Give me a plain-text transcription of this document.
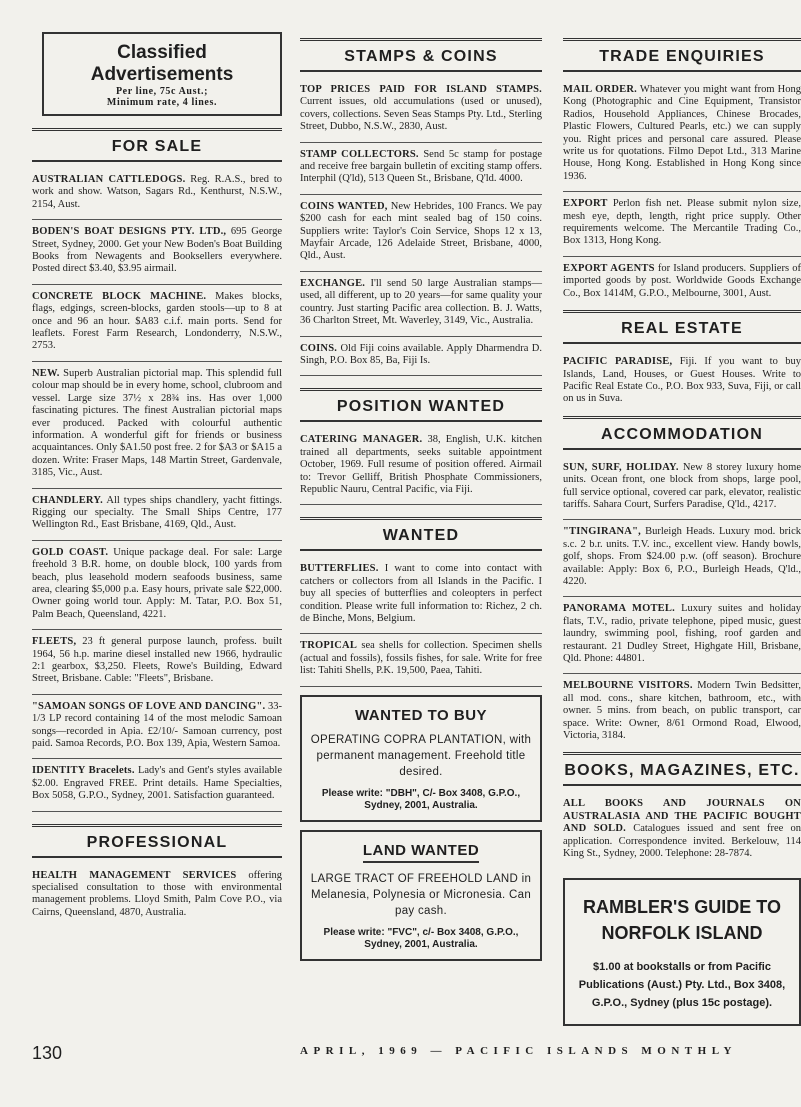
Classified Advertisements
Per line, 75c Aust.;
Minimum rate, 4 lines.
FOR SALE
AUSTRALIAN CATTLEDOGS. Reg. R.A.S., bred to work and show. Watson, Sagars Rd., Kenthurst, N.S.W., 2154, Aust.
BODEN'S BOAT DESIGNS PTY. LTD., 695 George Street, Sydney, 2000. Get your New Boden's Boat Building Books from Newagents and Booksellers everywhere. Posted direct $3.40, $3.95 airmail.
CONCRETE BLOCK MACHINE. Makes blocks, flags, edgings, screen-blocks, garden stools—up to 8 at once and 96 an hour. $A83 c.i.f. main ports. Send for leaflets. Forest Farm Research, Londonderry, N.S.W., 2753.
NEW. Superb Australian pictorial map. This splendid full colour map should be in every home, school, clubroom and vessel. Large size 37½ x 28¾ ins. Has over 1,000 fascinating pictures. The finest Australian pictorial maps ever produced. Packed with colourful authentic information. A wonderful gift for friends or business acquaintances. Only $A1.50 post free. 2 for $A3 or $A15 a dozen. Write: Fraser Maps, 148 Martin Street, Gardenvale, 3185, Vic., Aust.
CHANDLERY. All types ships chandlery, yacht fittings. Rigging our specialty. The Small Ships Centre, 177 Wellington Rd., East Brisbane, 4169, Qld., Aust.
GOLD COAST. Unique package deal. For sale: Large freehold 3 B.R. home, on double block, 100 yards from beach, plus leasehold modern seafoods business, same area, clearing $5,000 p.a. Easy hours, private sale $22,000. Owner going world tour. Apply: M. Tatar, P.O. Box 51, Palm Beach, Queensland, 4221.
FLEETS, 23 ft general purpose launch, profess. built 1964, 56 h.p. marine diesel installed new 1966, hydraulic 2:1 gearbox, $3,250. Fleets, Rowe's Building, Edward Street, Brisbane. Cable: "Fleets", Brisbane.
"SAMOAN SONGS OF LOVE AND DANCING". 33-1/3 LP record containing 14 of the most melodic Samoan songs—recorded in Apia. £2/10/- Samoan currency, post paid. Samoa Records, P.O. Box 139, Apia, Western Samoa.
IDENTITY Bracelets. Lady's and Gent's styles available $2.00. Engraved FREE. Print details. Hame Specialties, Box 5058, G.P.O., Sydney, 2001. Satisfaction guaranteed.
PROFESSIONAL
HEALTH MANAGEMENT SERVICES offering specialised consultation to those with environmental management problems. Lloyd Smith, Palm Cove P.O., via Cairns, Queensland, 4870, Australia.
STAMPS & COINS
TOP PRICES PAID FOR ISLAND STAMPS. Current issues, old accumulations (used or unused), covers, collections. Seven Seas Stamps Pty. Ltd., Sterling Street, Dubbo, N.S.W., 2830, Aust.
STAMP COLLECTORS. Send 5c stamp for postage and receive free bargain bulletin of exciting stamp offers. Interphil (Q'ld), 513 Queen St., Brisbane, Q'ld. 4000.
COINS WANTED, New Hebrides, 100 Francs. We pay $200 cash for each mint sealed bag of 150 coins. Suppliers write: Taylor's Coin Service, Shops 12 x 13, Mayfair Arcade, 126 Adelaide Street, Brisbane, 4000, Qld., Aust.
EXCHANGE. I'll send 50 large Australian stamps—used, all different, up to 20 years—for same quality your country. Just starting Pacific area collection. B. J. Watts, 36 Charlton Street, Mt. Waverley, 3149, Vic., Australia.
COINS. Old Fiji coins available. Apply Dharmendra D. Singh, P.O. Box 85, Ba, Fiji Is.
POSITION WANTED
CATERING MANAGER. 38, English, U.K. kitchen trained all departments, seeks suitable appointment October, 1969. Full resume of position offered. Airmail to: Trevor Gelliff, British Phosphate Commissioners, Republic Nauru, Central Pacific, via Fiji.
WANTED
BUTTERFLIES. I want to come into contact with catchers or collectors from all Islands in the Pacific. I buy all species of butterflies and coleopters in perfect condition. Please write full information to: Richez, 2 ch. de Binche, Mons, Belgium.
TROPICAL sea shells for collection. Specimen shells (actual and fossils), fossils fishes, for sale. Write for free list: Tahiti Shells, P.K. 19,500, Paea, Tahiti.
WANTED TO BUY
OPERATING COPRA PLANTATION, with permanent management. Freehold title desired.
Please write: "DBH", C/- Box 3408, G.P.O., Sydney, 2001, Australia.
LAND WANTED
LARGE TRACT OF FREEHOLD LAND in Melanesia, Polynesia or Micronesia. Can pay cash.
Please write: "FVC", c/- Box 3408, G.P.O., Sydney, 2001, Australia.
TRADE ENQUIRIES
MAIL ORDER. Whatever you might want from Hong Kong (Photographic and Cine Equipment, Transistor Radios, Household Appliances, Chinese Brocades, Plastic Flowers, Cultured Pearls, etc.) we can supply you. Right prices and personal care assured. Please write us for quotations. Filmo Depot Ltd., 313 Marine House, Hong Kong. Established in Hong Kong since 1936.
EXPORT Perlon fish net. Please submit nylon size, mesh eye, depth, length, right price supply. Other requirements welcome. The Mercantile Trading Co., Box 1313, Hong Kong.
EXPORT AGENTS for Island producers. Suppliers of imported goods by post. Worldwide Goods Exchange Co., Box 1414M, G.P.O., Melbourne, 3001, Aust.
REAL ESTATE
PACIFIC PARADISE, Fiji. If you want to buy Islands, Land, Houses, or Guest Houses. Write to Pacific Real Estate Co., P.O. Box 933, Suva, Fiji, or call on us in Suva.
ACCOMMODATION
SUN, SURF, HOLIDAY. New 8 storey luxury home units. Ocean front, one block from shops, large pool, full service optional, covered car park, elevator, realistic tariffs. Sahara Court, Surfers Paradise, Q'ld., 4217.
"TINGIRANA", Burleigh Heads. Luxury mod. brick s.c. 2 b.r. units. T.V. inc., excellent view. Handy bowls, golf, shops. From $24.00 p.w. (off season). Brochure available: Apply: Box 6, P.O., Burleigh Heads, Q'ld., 4220.
PANORAMA MOTEL. Luxury suites and holiday flats, T.V., radio, private telephone, piped music, guest laundry, swimming pool, fishing, roof garden and restaurant. 21 Dudley Street, Highgate Hill, Brisbane, Qld. Phone: 44801.
MELBOURNE VISITORS. Modern Twin Bedsitter, all mod. cons., share kitchen, bathroom, etc., with owner. 5 mins. from beach, on public transport, car space. Write: Owner, 8/61 Ormond Road, Elwood, Victoria, 3184.
BOOKS, MAGAZINES, ETC.
ALL BOOKS AND JOURNALS ON AUSTRALASIA AND THE PACIFIC BOUGHT AND SOLD. Catalogues issued and sent free on application. Correspondence invited. Berkelouw, 114 King St., Sydney, 2000. Telephone: 28-7874.
RAMBLER'S GUIDE TO NORFOLK ISLAND
$1.00 at bookstalls or from Pacific Publications (Aust.) Pty. Ltd., Box 3408, G.P.O., Sydney (plus 15c postage).
130	APRIL, 1969 — PACIFIC ISLANDS MONTHLY
